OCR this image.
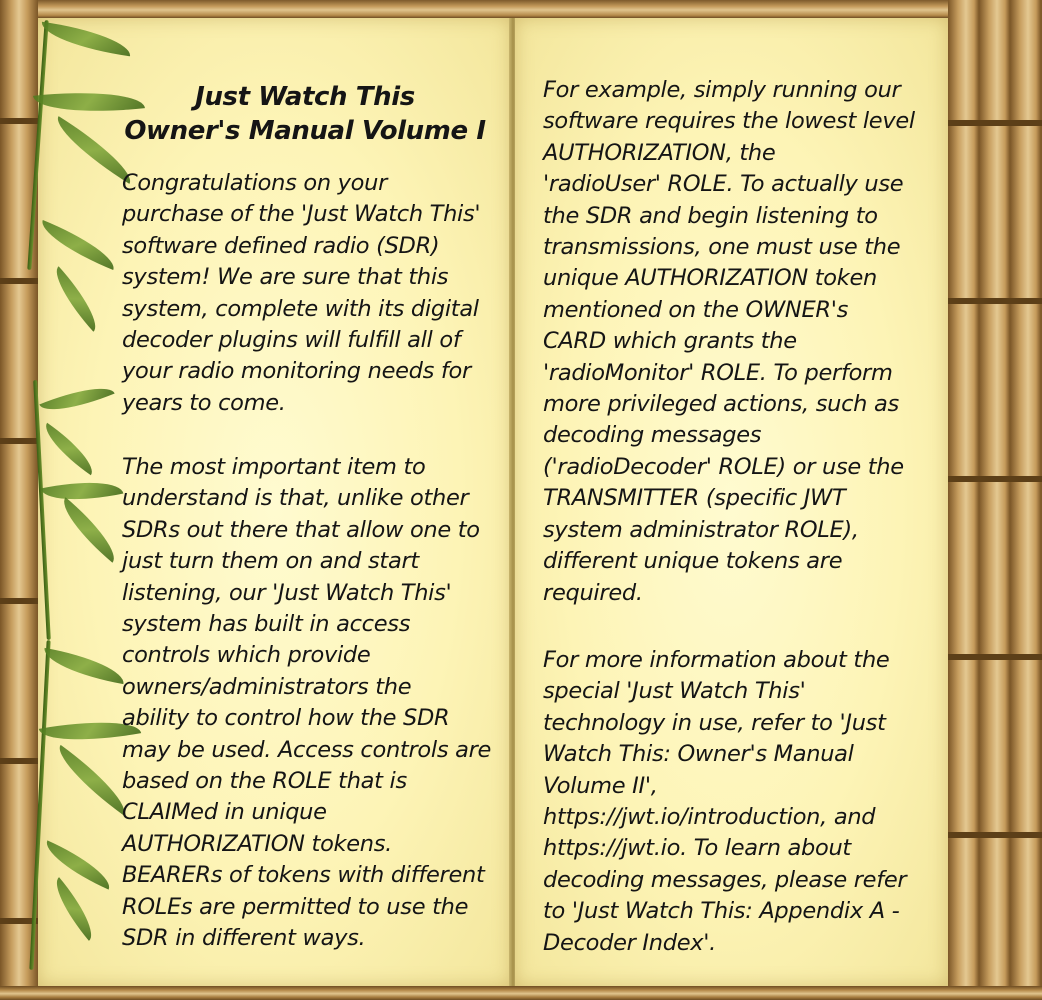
Just Watch This
Owner's Manual Volume I
Congratulations on your
purchase of the 'Just Watch This'
software defined radio (SDR)
system! We are sure that this
system, complete with its digital
decoder plugins will fulfill all of
your radio monitoring needs for
years to come.
The most important item to
understand is that, unlike other
SDRs out there that allow one to
just turn them on and start
listening, our 'Just Watch This'
system has built in access
controls which provide
owners/administrators the
ability to control how the SDR
may be used. Access controls are
based on the ROLE that is
CLAIMed in unique
AUTHORIZATION tokens.
BEARERs of tokens with different
ROLEs are permitted to use the
SDR in different ways.
For example, simply running our
software requires the lowest level
AUTHORIZATION, the
'radioUser' ROLE. To actually use
the SDR and begin listening to
transmissions, one must use the
unique AUTHORIZATION token
mentioned on the OWNER's
CARD which grants the
'radioMonitor' ROLE. To perform
more privileged actions, such as
decoding messages
('radioDecoder' ROLE) or use the
TRANSMITTER (specific JWT
system administrator ROLE),
different unique tokens are
required.
For more information about the
special 'Just Watch This'
technology in use, refer to 'Just
Watch This: Owner's Manual
Volume II',
https://jwt.io/introduction, and
https://jwt.io. To learn about
decoding messages, please refer
to 'Just Watch This: Appendix A -
Decoder Index'.
